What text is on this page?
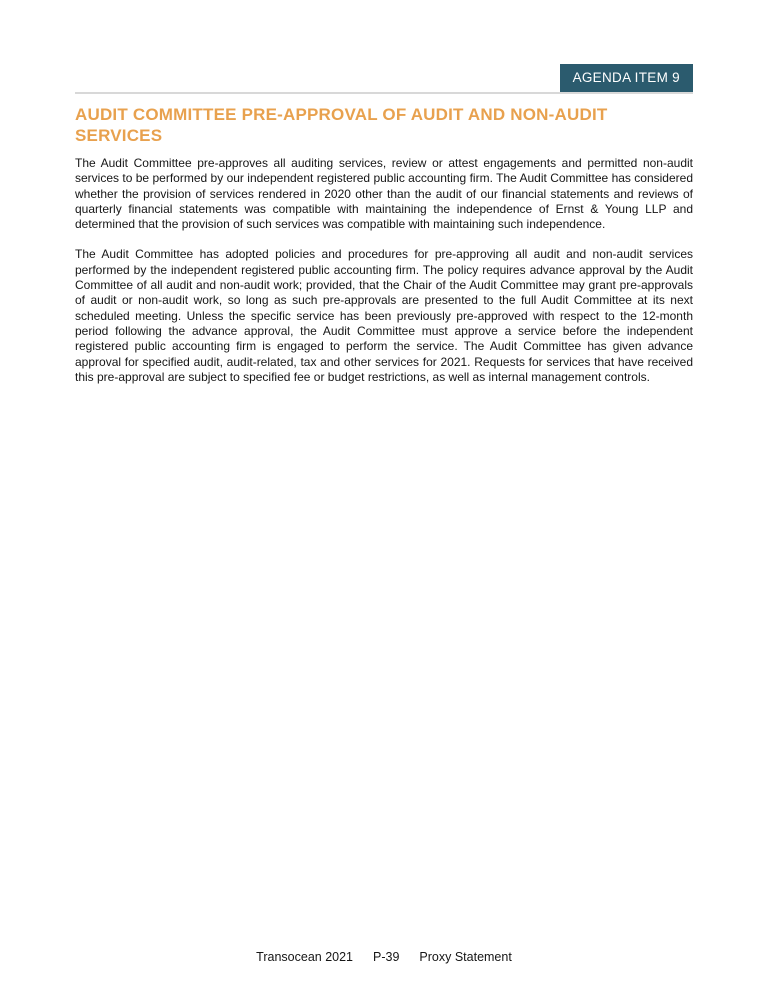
AGENDA ITEM 9
AUDIT COMMITTEE PRE-APPROVAL OF AUDIT AND NON-AUDIT SERVICES

The Audit Committee pre-approves all auditing services, review or attest engagements and permitted non-audit services to be performed by our independent registered public accounting firm. The Audit Committee has considered whether the provision of services rendered in 2020 other than the audit of our financial statements and reviews of quarterly financial statements was compatible with maintaining the independence of Ernst & Young LLP and determined that the provision of such services was compatible with maintaining such independence.

The Audit Committee has adopted policies and procedures for pre-approving all audit and non-audit services performed by the independent registered public accounting firm. The policy requires advance approval by the Audit Committee of all audit and non-audit work; provided, that the Chair of the Audit Committee may grant pre-approvals of audit or non-audit work, so long as such pre-approvals are presented to the full Audit Committee at its next scheduled meeting. Unless the specific service has been previously pre-approved with respect to the 12-month period following the advance approval, the Audit Committee must approve a service before the independent registered public accounting firm is engaged to perform the service. The Audit Committee has given advance approval for specified audit, audit-related, tax and other services for 2021. Requests for services that have received this pre-approval are subject to specified fee or budget restrictions, as well as internal management controls.

Transocean 2021 P-39 Proxy Statement
